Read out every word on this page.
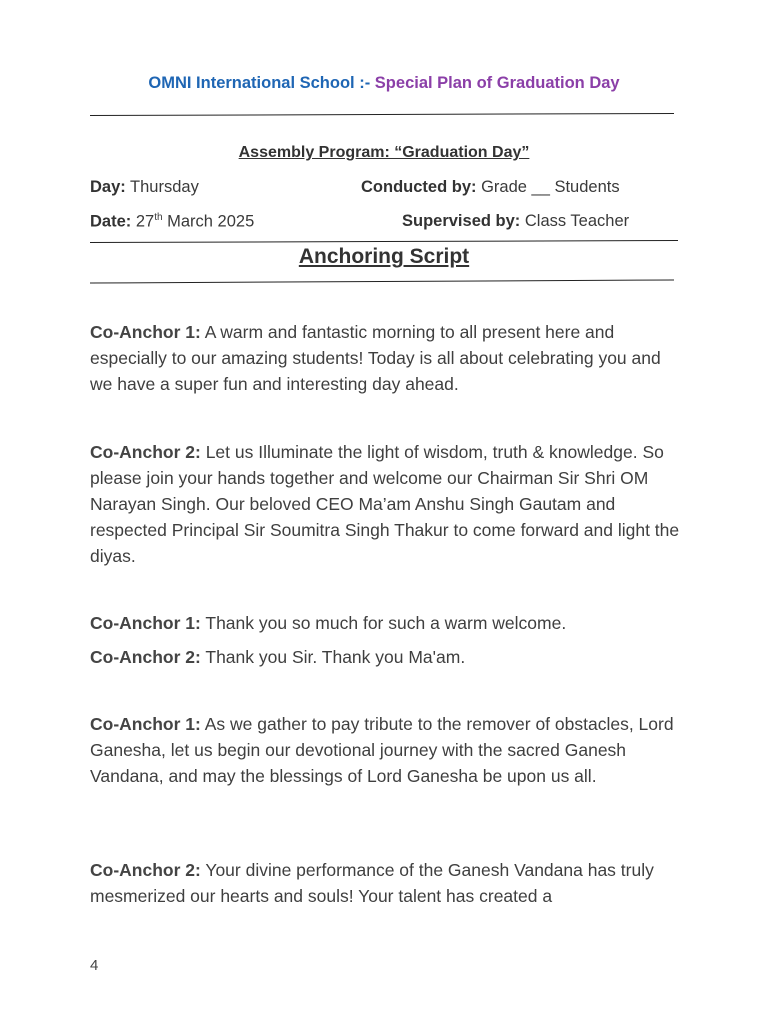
OMNI International School :- Special Plan of Graduation Day
Assembly Program: “Graduation Day”
Day: Thursday	Conducted by: Grade __ Students
Date: 27th March 2025	Supervised by: Class Teacher
Anchoring Script
Co-Anchor 1: A warm and fantastic morning to all present here and especially to our amazing students! Today is all about celebrating you and we have a super fun and interesting day ahead.
Co-Anchor 2: Let us Illuminate the light of wisdom, truth & knowledge. So please join your hands together and welcome our Chairman Sir Shri OM Narayan Singh. Our beloved CEO Ma’am Anshu Singh Gautam and respected Principal Sir Soumitra Singh Thakur to come forward and light the diyas.
Co-Anchor 1: Thank you so much for such a warm welcome.
Co-Anchor 2: Thank you Sir. Thank you Ma'am.
Co-Anchor 1: As we gather to pay tribute to the remover of obstacles, Lord Ganesha, let us begin our devotional journey with the sacred Ganesh Vandana, and may the blessings of Lord Ganesha be upon us all.
Co-Anchor 2: Your divine performance of the Ganesh Vandana has truly mesmerized our hearts and souls! Your talent has created a
4
